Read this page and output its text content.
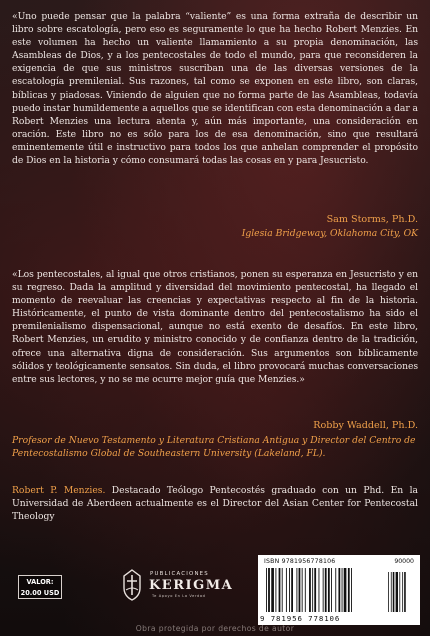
«Uno puede pensar que la palabra “valiente” es una forma extraña de describir un libro sobre escatología, pero eso es seguramente lo que ha hecho Robert Menzies. En este volumen ha hecho un valiente llamamiento a su propia denominación, las Asambleas de Dios, y a los pentecostales de todo el mundo, para que reconsideren la exigencia de que sus ministros suscriban una de las diversas versiones de la escatología premilenial. Sus razones, tal como se exponen en este libro, son claras, bíblicas y piadosas. Viniendo de alguien que no forma parte de las Asambleas, todavía puedo instar humildemente a aquellos que se identifican con esta denominación a dar a Robert Menzies una lectura atenta y, aún más importante, una consideración en oración. Este libro no es sólo para los de esa denominación, sino que resultará eminentemente útil e instructivo para todos los que anhelan comprender el propósito de Dios en la historia y cómo consumará todas las cosas en y para Jesucristo.

Sam Storms, Ph.D.
Iglesia Bridgeway, Oklahoma City, OK

«Los pentecostales, al igual que otros cristianos, ponen su esperanza en Jesucristo y en su regreso. Dada la amplitud y diversidad del movimiento pentecostal, ha llegado el momento de reevaluar las creencias y expectativas respecto al fin de la historia. Históricamente, el punto de vista dominante dentro del pentecostalismo ha sido el premilenialismo dispensacional, aunque no está exento de desafíos. En este libro, Robert Menzies, un erudito y ministro conocido y de confianza dentro de la tradición, ofrece una alternativa digna de consideración. Sus argumentos son bíblicamente sólidos y teológicamente sensatos. Sin duda, el libro provocará muchas conversaciones entre sus lectores, y no se me ocurre mejor guía que Menzies.»

Robby Waddell, Ph.D.
Profesor de Nuevo Testamento y Literatura Cristiana Antigua y Director del Centro de Pentecostalismo Global de Southeastern University (Lakeland, FL).

Robert P. Menzies. Destacado Teólogo Pentecostés graduado con un Phd. En la Universidad de Aberdeen actualmente es el Director del Asian Center for Pentecostal Theology

VALOR:
20.00 USD
PUBLICACIONES
KERIGMA
Te Apoyo En La Verdad
ISBN 9781956778106	90000
9 781956 778106
Obra protegida por derechos de autor
